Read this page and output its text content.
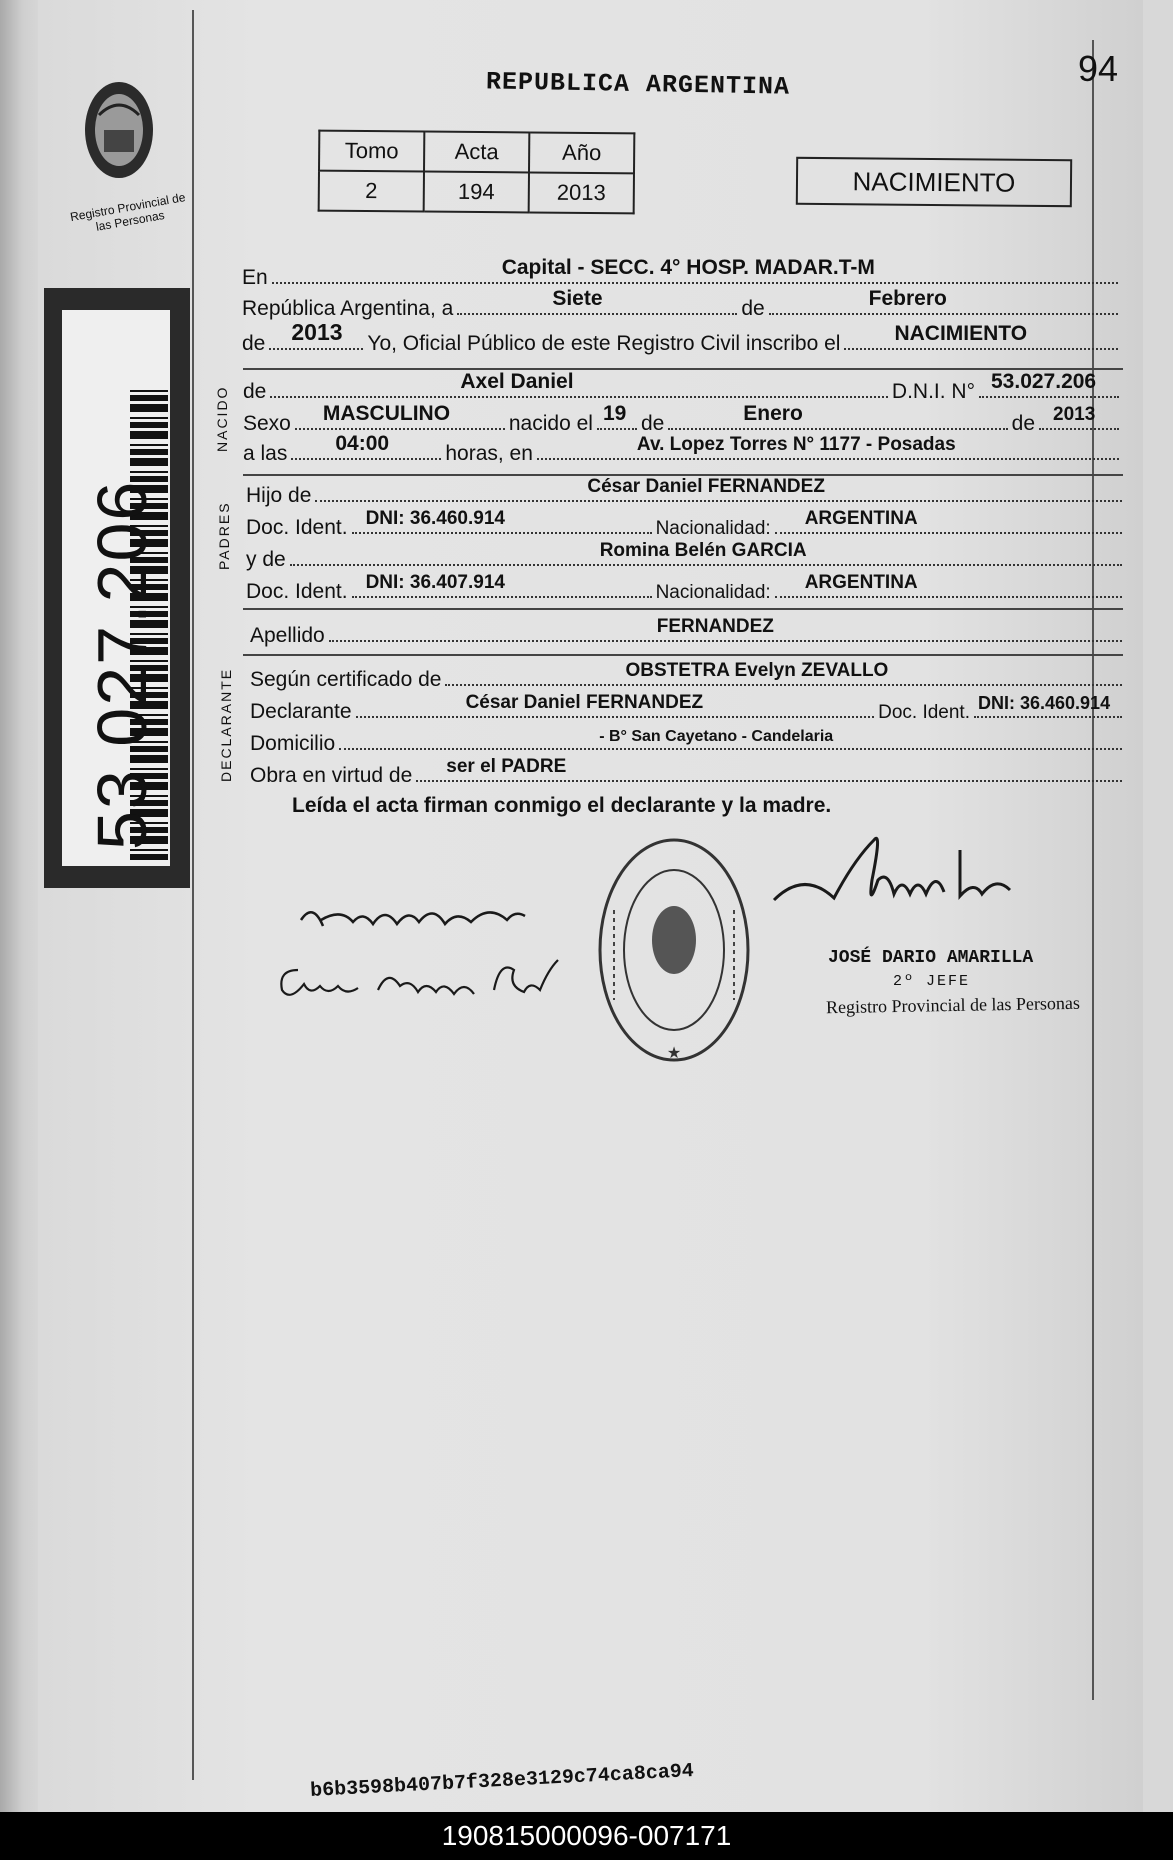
Registro Provincial de las Personas
53.027.206
REPUBLICA ARGENTINA	94
Tomo	Acta	Año
2	194	2013	NACIMIENTO
En	Capital - SECC. 4° HOSP. MADAR.T-M
República Argentina, a	Siete	de	Febrero
de 2013 Yo, Oficial Público de este Registro Civil inscribo el	NACIMIENTO
NACIDO de	Axel Daniel	D.N.I. N° 53.027.206
Sexo MASCULINO	nacido el 19 de	Enero	de 2013
a las 04:00	horas, en	Av. Lopez Torres N° 1177 - Posadas
PADRES
Hijo de	César Daniel FERNANDEZ
Doc. Ident. DNI: 36.460.914	Nacionalidad: ARGENTINA
y de	Romina Belén GARCIA
Doc. Ident. DNI: 36.407.914	Nacionalidad: ARGENTINA
Apellido	FERNANDEZ
DECLARANTE Según certificado de	OBSTETRA Evelyn ZEVALLO
Declarante	César Daniel FERNANDEZ	Doc. Ident. DNI: 36.460.914
Domicilio	- B° San Cayetano - Candelaria
Obra en virtud de ser el PADRE
Leída el acta firman conmigo el declarante y la madre.
★
JOSÉ DARIO AMARILLA
2º JEFE
Registro Provincial de las Personas
b6b3598b407b7f328e3129c74ca8ca94
190815000096-007171
